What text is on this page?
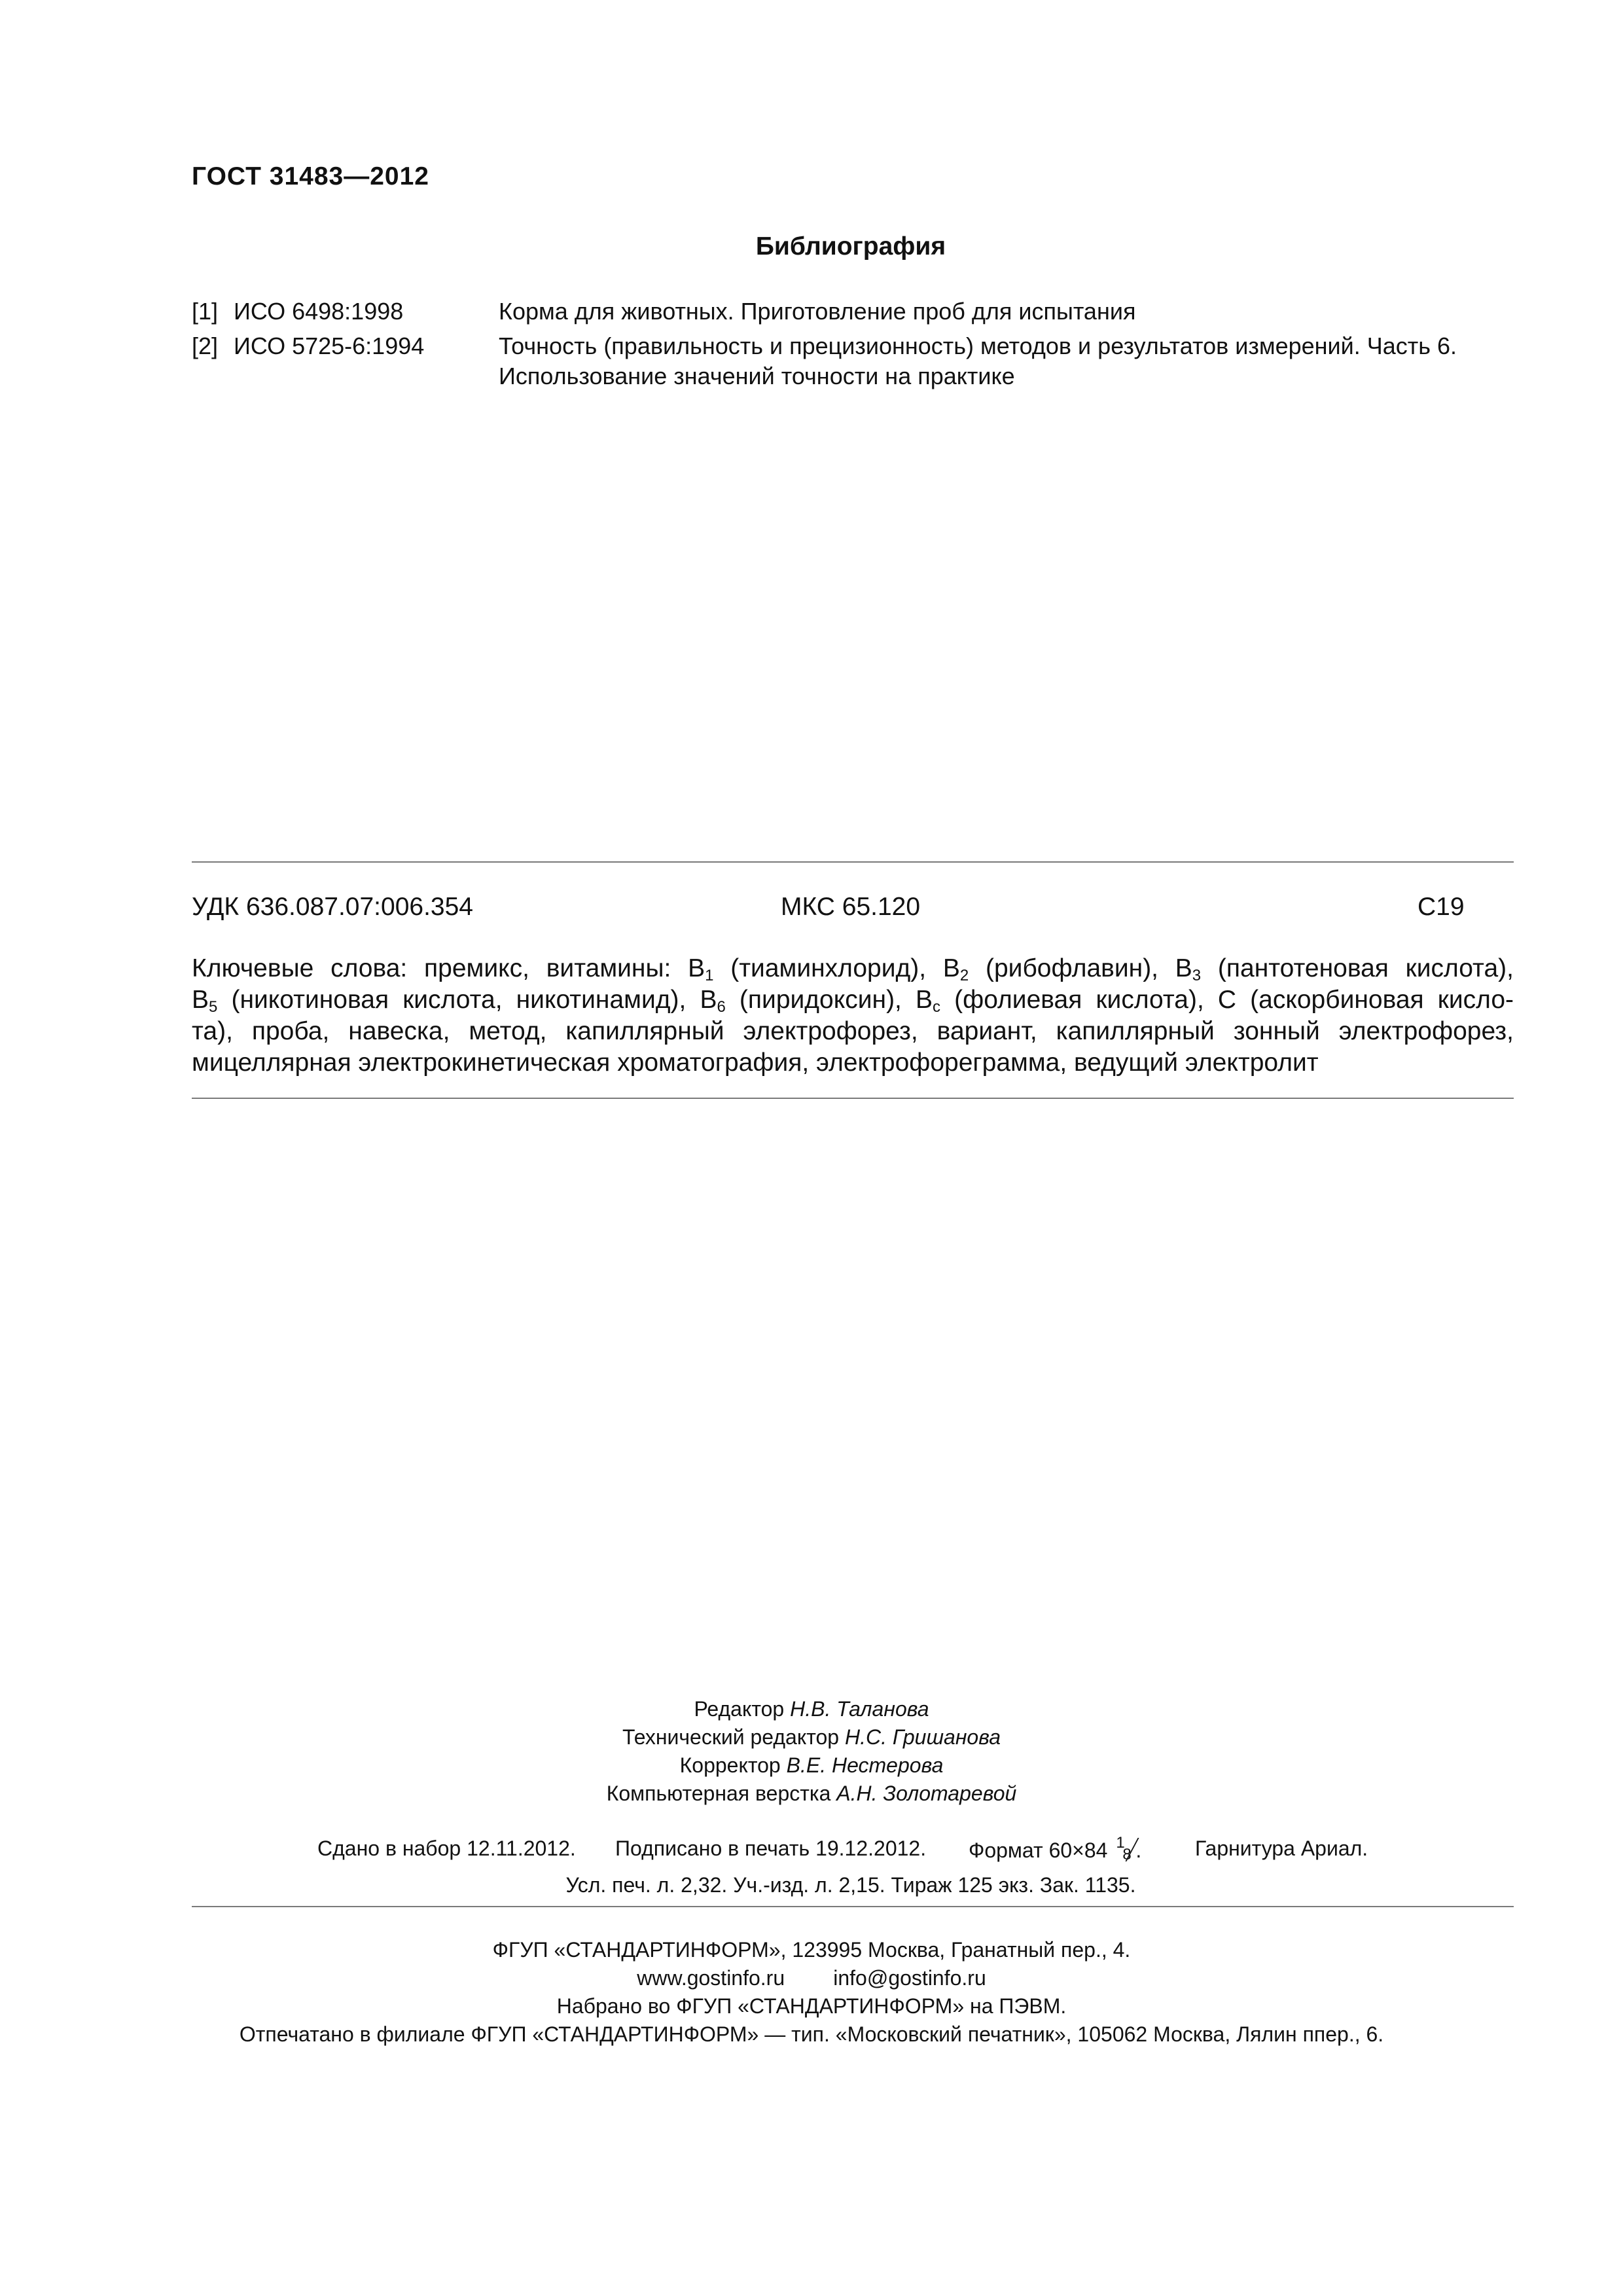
ГОСТ 31483—2012
Библиография
[1] ИСО 6498:1998	Корма для животных. Приготовление проб для испытания
[2] ИСО 5725-6:1994	Точность (правильность и прецизионность) методов и результатов измерений. Часть 6. Использование значений точности на практике
УДК 636.087.07:006.354	МКС 65.120	С19
Ключевые слова: премикс, витамины: $В_1$ (тиаминхлорид), $В_2$ (рибофлавин), $В_3$ (пантотеновая кислота),
$В_5$ (никотиновая кислота, никотинамид), $В_6$ (пиридоксин), $В_c$ (фолиевая кислота), С (аскорбиновая кисло-
та), проба, навеска, метод, капиллярный электрофорез, вариант, капиллярный зонный электрофорез,
мицеллярная электрокинетическая хроматография, электрофореграмма, ведущий электролит
Редактор Н.В. Таланова
Технический редактор Н.С. Гришанова
Корректор В.Е. Нестерова
Компьютерная верстка А.Н. Золотаревой
Сдано в набор 12.11.2012. Подписано в печать 19.12.2012. Формат 60×84 1
8 .	Гарнитура Ариал.
Усл. печ. л. 2,32. Уч.-изд. л. 2,15. Тираж 125 экз. Зак. 1135.
ФГУП «СТАНДАРТИНФОРМ», 123995 Москва, Гранатный пер., 4.
www.gostinfo.ru info@gostinfo.ru
Набрано во ФГУП «СТАНДАРТИНФОРМ» на ПЭВМ.
Отпечатано в филиале ФГУП «СТАНДАРТИНФОРМ» — тип. «Московский печатник», 105062 Москва, Лялин ппер., 6.
